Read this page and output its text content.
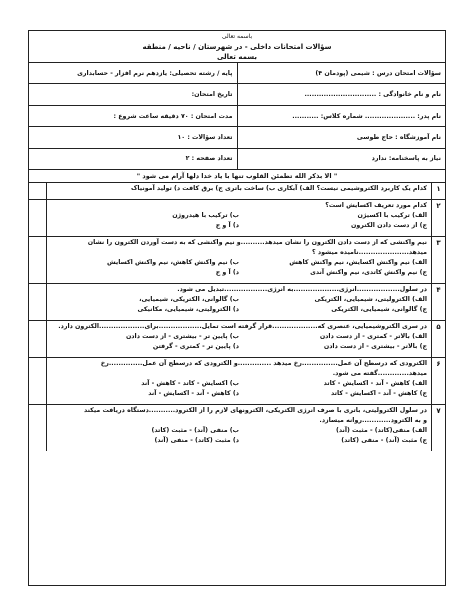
باسمه تعالی
سؤالات امتحانات داخلی - در شهرستان / ناحیه / منطقه
بسمه تعالی
سؤالات امتحان درس : شیمی (پودمان ۴)
نام و نام خانوادگی : ..............................
نام پدر: ..................... شماره کلاس: ...........
نام آموزشگاه : حاج طوسی
نیاز به پاسخنامه: ندارد
پایه / رشته تحصیلی: یازدهم نرم افزار - حسابداری
تاریخ امتحان:
مدت امتحان : ۷۰ دقیقه ساعت شروع :
تعداد سؤالات : ۱۰
تعداد صفحه : ۲
" الا بذکر الله تطمئن القلوب تنها با یاد خدا دلها آرام می شود "
۱
کدام یک کاربرد الکتروشیمی نیست؟ الف) آبکاری ب) ساخت باتری ج) برق کافت د) تولید آمونیاک
۲
کدام مورد تعریف اکسایش است؟
الف) ترکیب با اکسیژن
ب) ترکیب با هیدروژن
ج) از دست دادن الکترون
د) آ و ج
۳
نیم واکنشی که از دست دادن الکترون را نشان میدهد..........و نیم واکنشی که به دست آوردن الکترون را نشان
میدهد.....................نامیده میشود ؟
الف) نیم واکنش اکسایش، نیم واکنش کاهش
ب) نیم واکنش کاهش، نیم واکنش اکسایش
ج) نیم واکنش کاتدی، نیم واکنش آندی
د) آ و ج
۴
در سلول..................انرژی...................به انرژی..................تبدیل می شود.
الف) الکترولیتی، شیمیایی، الکتریکی
ب) گالوانی، الکتریکی، شیمیایی،
ج) گالوانی، شیمیایی، الکتریکی
د) الکترولیتی، شیمیایی، مکانیکی
۵
در سری الکتروشیمیایی، عنصری که...................قرار گرفته است تمایل..................برای...................الکترون دارد.
الف) بالاتر - کمتری - از دست دادن
ب) پایین تر - بیشتری - از دست دادن
ج) بالاتر - بیشتری - از دست دادن
د) پایین تر - کمتری - گرفتن
۶
الکترودی که درسطح آن عمل...............رخ میدهد ..............و الکترودی که درسطح آن عمل..............رخ
میدهد.............گفته می شود.
الف) کاهش - آند - اکسایش - کاتد
ب) اکسایش - کاتد - کاهش - آند
ج) کاهش - آند - اکسایش - کاتد
د) کاهش - آند - اکسایش - آند
۷
در سلول الکترولیتی، باتری با صرف انرژی الکتریکی، الکترونهای لازم را از الکترود...........دستگاه دریافت میکند
و به الکترود............روانه میسازد.
الف) منفی(کاتد) - مثبت (آند)
ب) منفی (آند) - مثبت (کاتد)
ج) مثبت (آند) - منفی (کاتد)
د) مثبت (کاتد) - منفی (آند)
